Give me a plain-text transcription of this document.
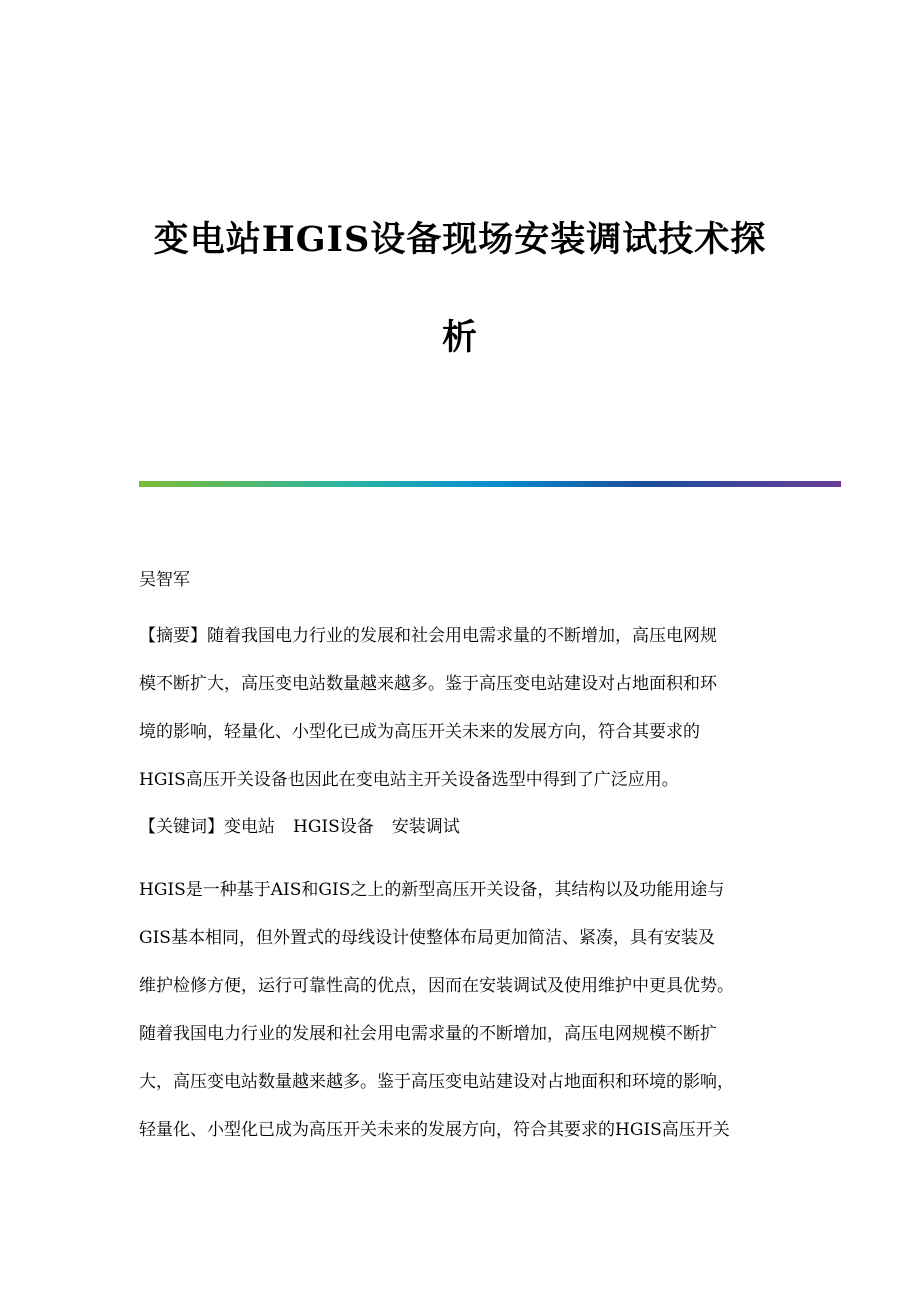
变电站HGIS设备现场安装调试技术探
析

吴智军

【摘要】随着我国电力行业的发展和社会用电需求量的不断增加，高压电网规
模不断扩大，高压变电站数量越来越多。鉴于高压变电站建设对占地面积和环
境的影响，轻量化、小型化已成为高压开关未来的发展方向，符合其要求的
HGIS高压开关设备也因此在变电站主开关设备选型中得到了广泛应用。
【关键词】变电站 HGIS设备 安装调试
HGIS是一种基于AIS和GIS之上的新型高压开关设备，其结构以及功能用途与
GIS基本相同，但外置式的母线设计使整体布局更加简洁、紧凑，具有安装及
维护检修方便，运行可靠性高的优点，因而在安装调试及使用维护中更具优势。
随着我国电力行业的发展和社会用电需求量的不断增加，高压电网规模不断扩
大，高压变电站数量越来越多。鉴于高压变电站建设对占地面积和环境的影响，
轻量化、小型化已成为高压开关未来的发展方向，符合其要求的HGIS高压开关
